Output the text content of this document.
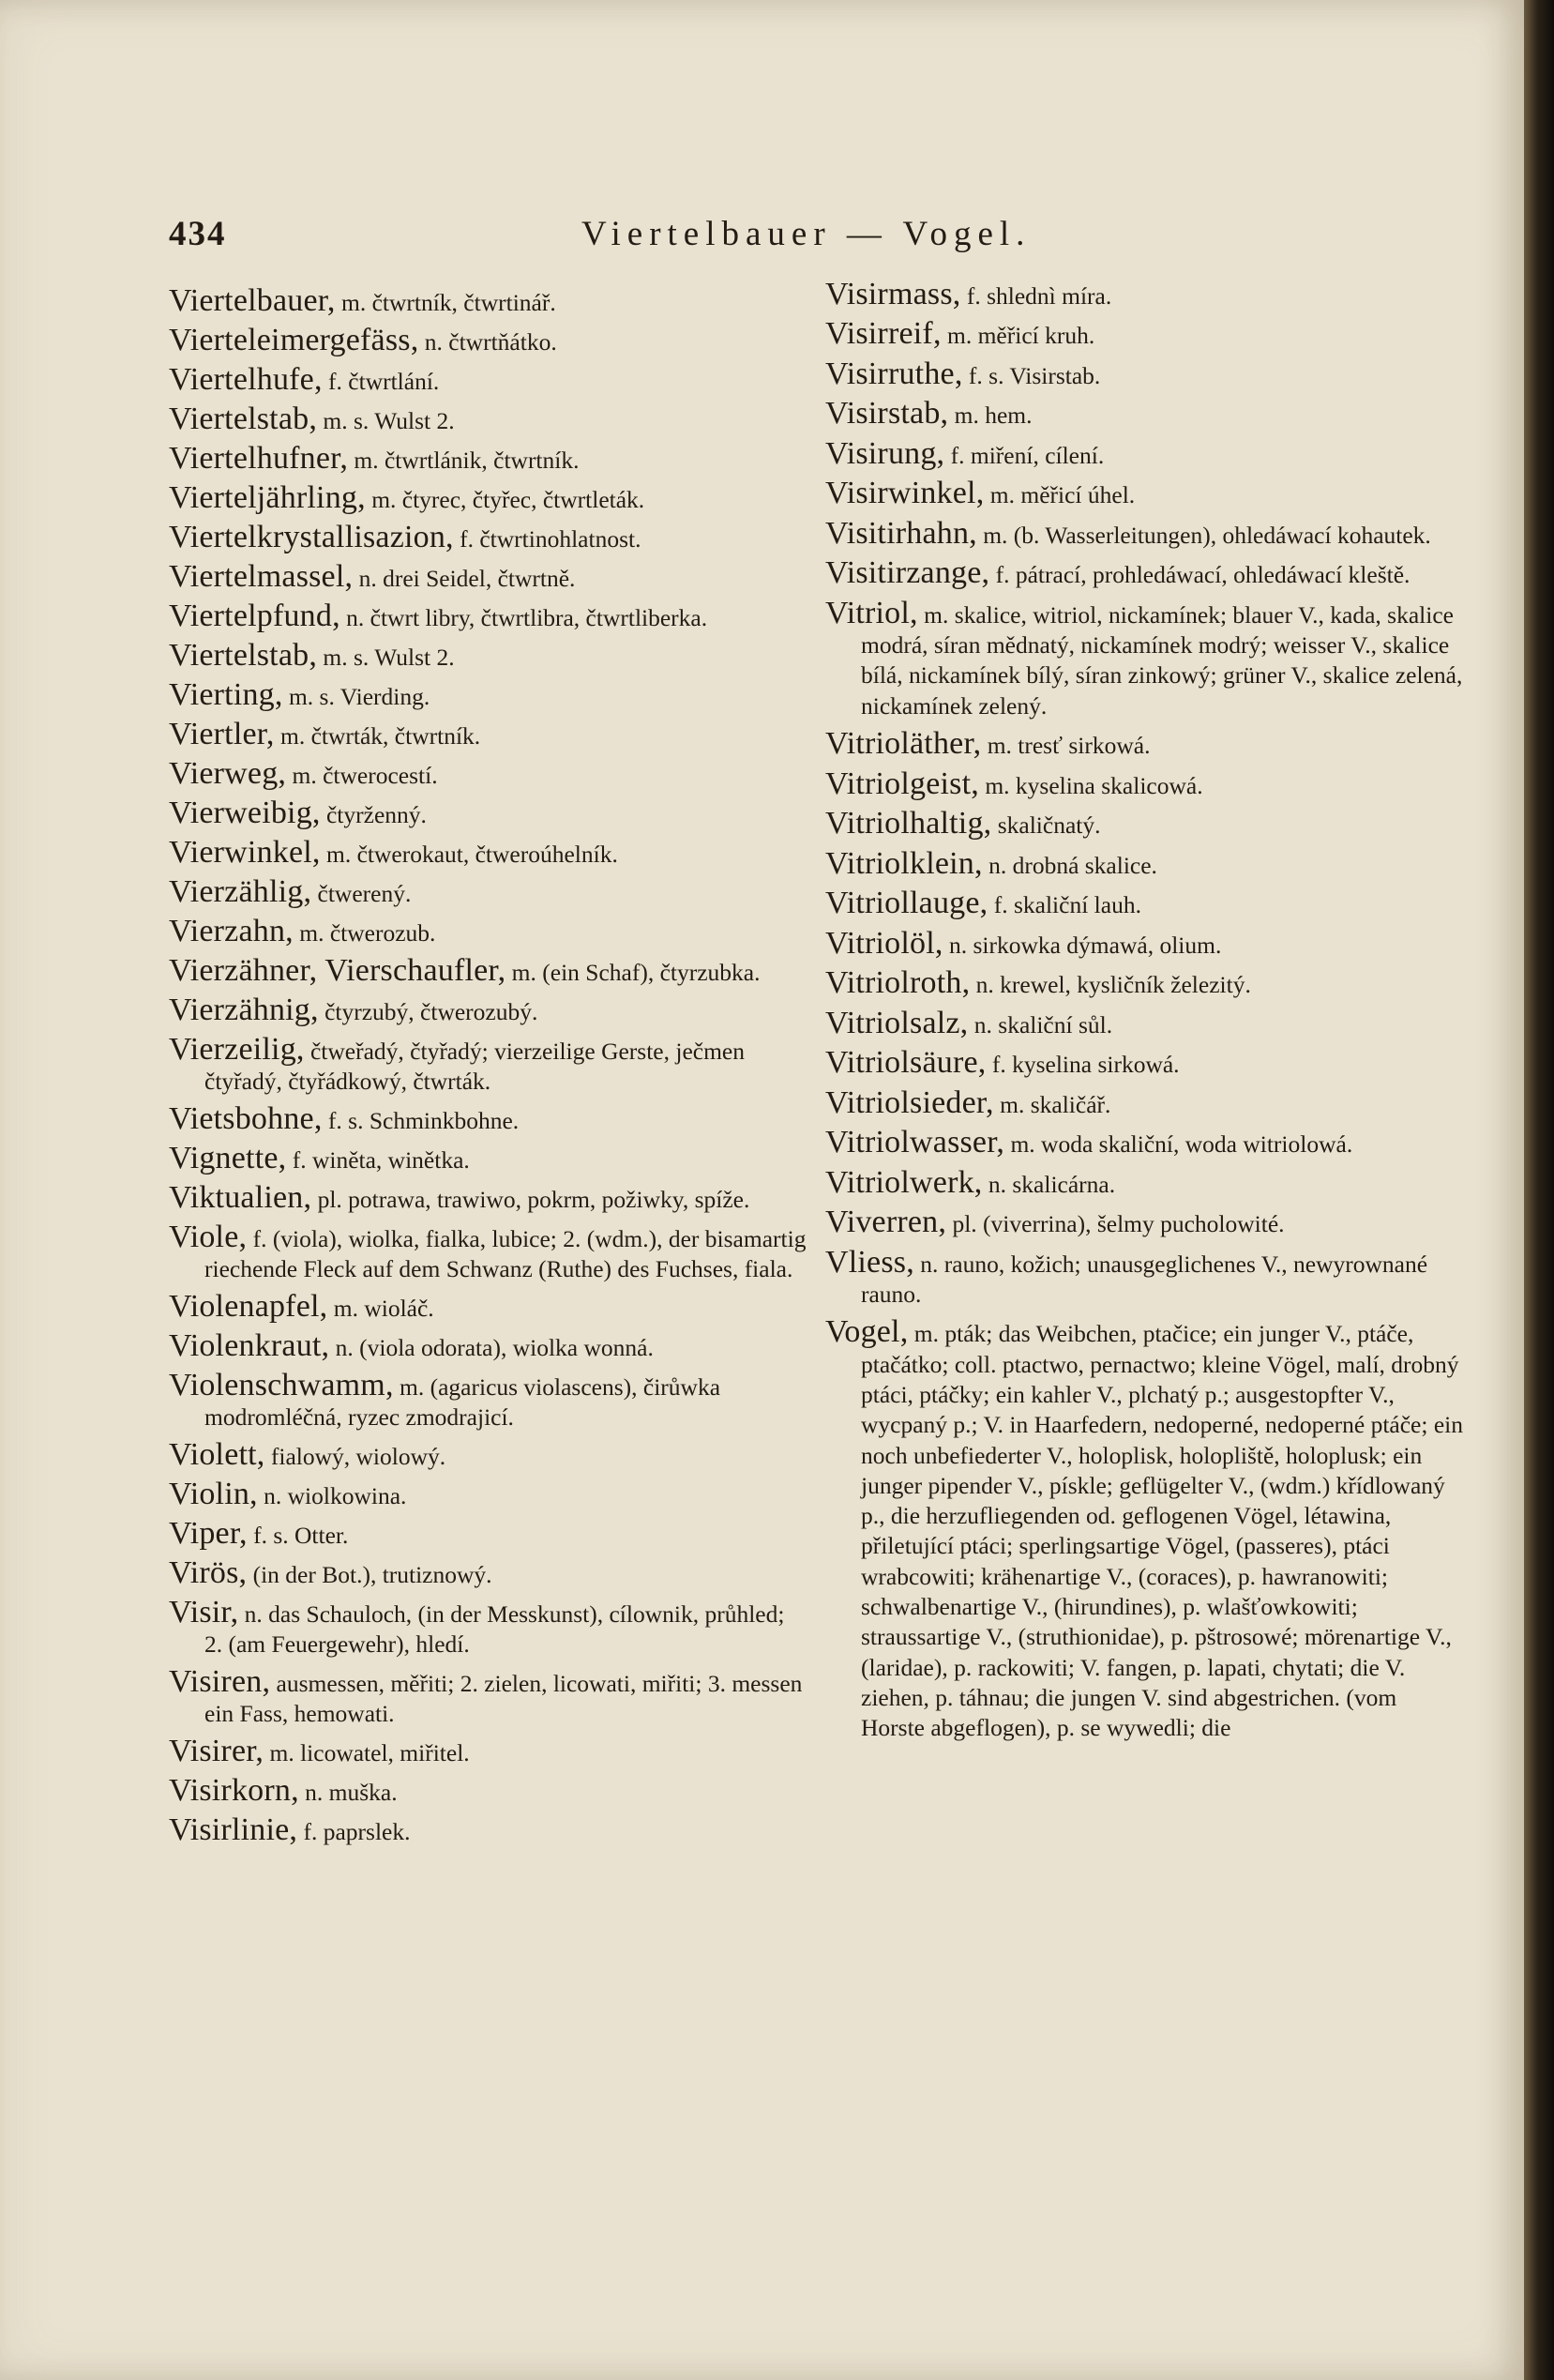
434	Viertelbauer — Vogel.
Viertelbauer, m. čtwrtník, čtwrtinář.
Vierteleimergefäss, n. čtwrtňátko.
Viertelhufe, f. čtwrtlání.
Viertelstab, m. s. Wulst 2.
Viertelhufner, m. čtwrtlánik, čtwrtník.
Vierteljährling, m. čtyrec, čtyřec, čtwrtleták.
Viertelkrystallisazion, f. čtwrtinohlatnost.
Viertelmassel, n. drei Seidel, čtwrtně.
Viertelpfund, n. čtwrt libry, čtwrtlibra, čtwrtliberka.
Viertelstab, m. s. Wulst 2.
Vierting, m. s. Vierding.
Viertler, m. čtwrták, čtwrtník.
Vierweg, m. čtwerocestí.
Vierweibig, čtyrženný.
Vierwinkel, m. čtwerokaut, čtweroúhelník.
Vierzählig, čtwerený.
Vierzahn, m. čtwerozub.
Vierzähner, Vierschaufler, m. (ein Schaf), čtyrzubka.
Vierzähnig, čtyrzubý, čtwerozubý.
Vierzeilig, čtweřadý, čtyřadý; vierzeilige Gerste, ječmen čtyřadý, čtyřádkowý, čtwrták.
Vietsbohne, f. s. Schminkbohne.
Vignette, f. winěta, winětka.
Viktualien, pl. potrawa, trawiwo, pokrm, požiwky, spíže.
Viole, f. (viola), wiolka, fialka, lubice; 2. (wdm.), der bisamartig riechende Fleck auf dem Schwanz (Ruthe) des Fuchses, fiala.
Violenapfel, m. wioláč.
Violenkraut, n. (viola odorata), wiolka wonná.
Violenschwamm, m. (agaricus violascens), čirůwka modromléčná, ryzec zmodrajicí.
Violett, fialowý, wiolowý.
Violin, n. wiolkowina.
Viper, f. s. Otter.
Virös, (in der Bot.), trutiznowý.
Visir, n. das Schauloch, (in der Messkunst), cílownik, průhled; 2. (am Feuergewehr), hledí.
Visiren, ausmessen, měřiti; 2. zielen, licowati, miřiti; 3. messen ein Fass, hemowati.
Visirer, m. licowatel, miřitel.
Visirkorn, n. muška.
Visirlinie, f. paprslek.
Visirmass, f. shlednì míra.
Visirreif, m. měřicí kruh.
Visirruthe, f. s. Visirstab.
Visirstab, m. hem.
Visirung, f. miření, cílení.
Visirwinkel, m. měřicí úhel.
Visitirhahn, m. (b. Wasserleitungen), ohledáwací kohautek.
Visitirzange, f. pátrací, prohledáwací, ohledáwací kleště.
Vitriol, m. skalice, witriol, nickamínek; blauer V., kada, skalice modrá, síran mědnatý, nickamínek modrý; weisser V., skalice bílá, nickamínek bílý, síran zinkowý; grüner V., skalice zelená, nickamínek zelený.
Vitrioläther, m. tresť sirkowá.
Vitriolgeist, m. kyselina skalicowá.
Vitriolhaltig, skaličnatý.
Vitriolklein, n. drobná skalice.
Vitriollauge, f. skaliční lauh.
Vitriolöl, n. sirkowka dýmawá, olium.
Vitriolroth, n. krewel, kysličník železitý.
Vitriolsalz, n. skaliční sůl.
Vitriolsäure, f. kyselina sirkowá.
Vitriolsieder, m. skaličář.
Vitriolwasser, m. woda skaliční, woda witriolowá.
Vitriolwerk, n. skalicárna.
Viverren, pl. (viverrina), šelmy pucholowité.
Vliess, n. rauno, kožich; unausgeglichenes V., newyrownané rauno.
Vogel, m. pták; das Weibchen, ptačice; ein junger V., ptáče, ptačátko; coll. ptactwo, pernactwo; kleine Vögel, malí, drobný ptáci, ptáčky; ein kahler V., plchatý p.; ausgestopfter V., wycpaný p.; V. in Haarfedern, nedoperné, nedoperné ptáče; ein noch unbefiederter V., holoplisk, holopliště, holoplusk; ein junger pipender V., pískle; geflügelter V., (wdm.) křídlowaný p., die herzufliegenden od. geflogenen Vögel, létawina, přiletující ptáci; sperlingsartige Vögel, (passeres), ptáci wrabcowiti; krähenartige V., (coraces), p. hawranowiti; schwalbenartige V., (hirundines), p. wlašťowkowiti; straussartige V., (struthionidae), p. pštrosowé; mörenartige V., (laridae), p. rackowiti; V. fangen, p. lapati, chytati; die V. ziehen, p. táhnau; die jungen V. sind abgestrichen. (vom Horste abgeflogen), p. se wywedli; die
